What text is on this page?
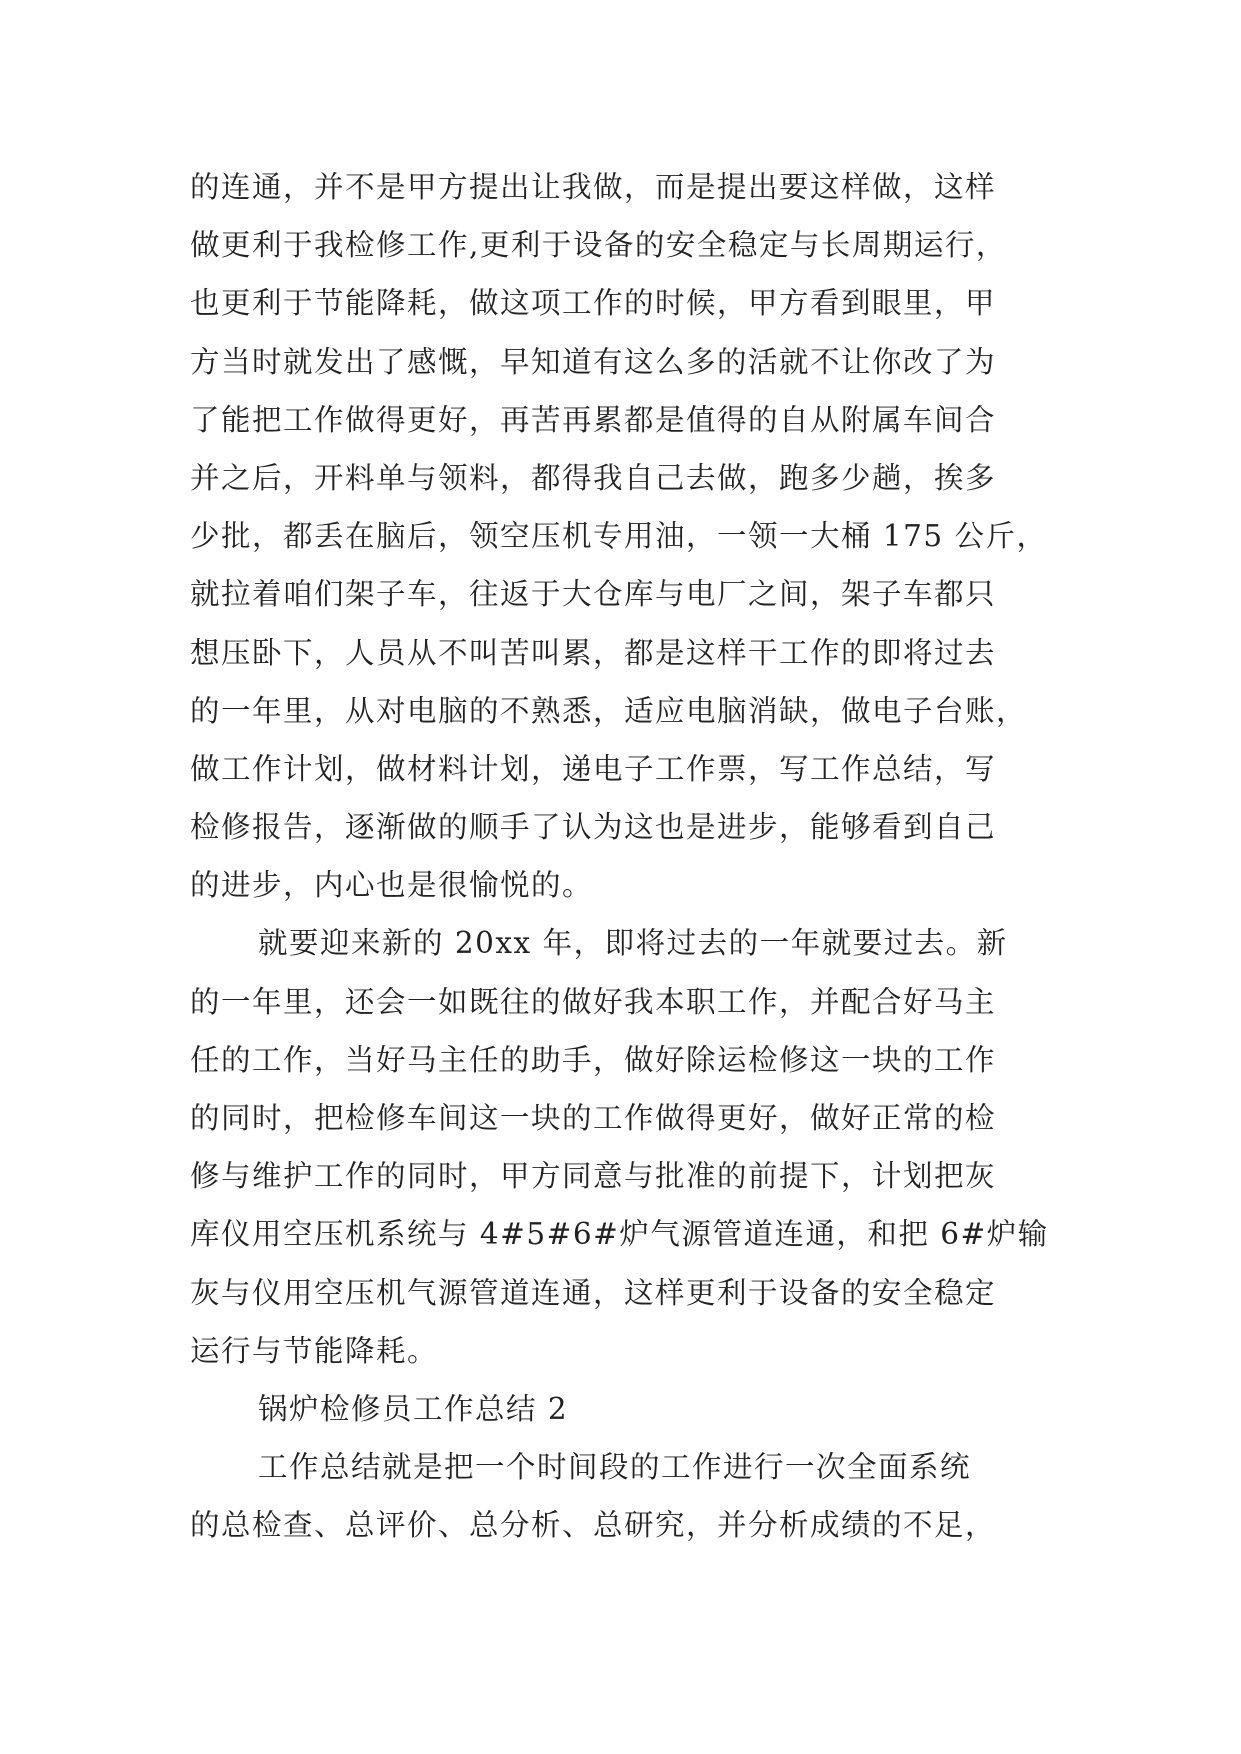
的连通，并不是甲方提出让我做，而是提出要这样做，这样
做更利于我检修工作,更利于设备的安全稳定与长周期运行，
也更利于节能降耗，做这项工作的时候，甲方看到眼里，甲
方当时就发出了感慨，早知道有这么多的活就不让你改了为
了能把工作做得更好，再苦再累都是值得的自从附属车间合
并之后，开料单与领料，都得我自己去做，跑多少趟，挨多
少批，都丢在脑后，领空压机专用油，一领一大桶 175 公斤，
就拉着咱们架子车，往返于大仓库与电厂之间，架子车都只
想压卧下，人员从不叫苦叫累，都是这样干工作的即将过去
的一年里，从对电脑的不熟悉，适应电脑消缺，做电子台账，
做工作计划，做材料计划，递电子工作票，写工作总结，写
检修报告，逐渐做的顺手了认为这也是进步，能够看到自己
的进步，内心也是很愉悦的。
就要迎来新的 20xx 年，即将过去的一年就要过去。新
的一年里，还会一如既往的做好我本职工作，并配合好马主
任的工作，当好马主任的助手，做好除运检修这一块的工作
的同时，把检修车间这一块的工作做得更好，做好正常的检
修与维护工作的同时，甲方同意与批准的前提下，计划把灰
库仪用空压机系统与 4#5#6#炉气源管道连通，和把 6#炉输
灰与仪用空压机气源管道连通，这样更利于设备的安全稳定
运行与节能降耗。
锅炉检修员工作总结 2
工作总结就是把一个时间段的工作进行一次全面系统
的总检查、总评价、总分析、总研究，并分析成绩的不足，
